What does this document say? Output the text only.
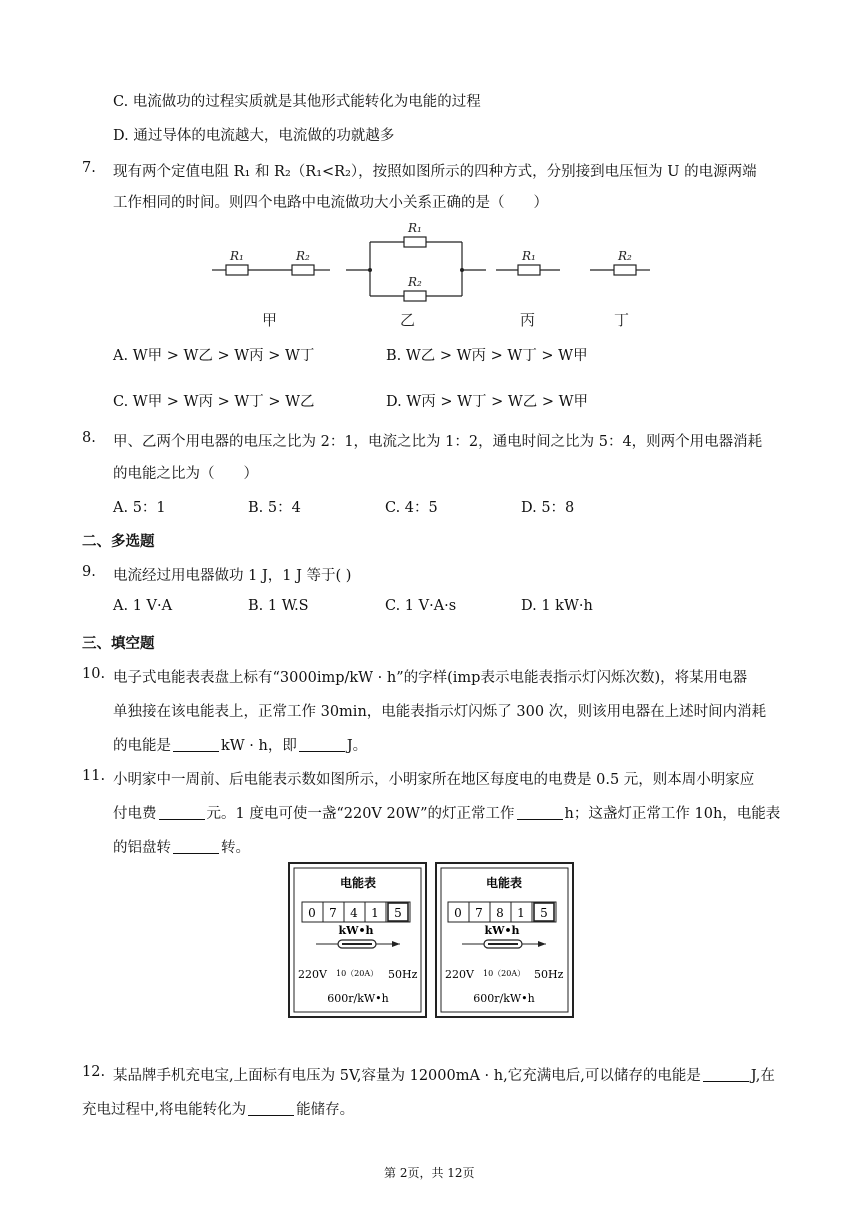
C. 电流做功的过程实质就是其他形式能转化为电能的过程
D. 通过导体的电流越大，电流做的功就越多
7. 现有两个定值电阻 R₁ 和 R₂（R₁<R₂），按照如图所示的四种方式，分别接到电压恒为 U 的电源两端
工作相同的时间。则四个电路中电流做功大小关系正确的是（　　）
R₁	R₂
R₁
R₂
R₁	R₂
甲	乙	丙	丁
A. W甲 > W乙 > W丙 > W丁	B. W乙 > W丙 > W丁 > W甲
C. W甲 > W丙 > W丁 > W乙	D. W丙 > W丁 > W乙 > W甲
8. 甲、乙两个用电器的电压之比为 2：1，电流之比为 1：2，通电时间之比为 5：4，则两个用电器消耗
的电能之比为（　　）
A. 5：1	B. 5：4	C. 4：5	D. 5：8
二、多选题
9. 电流经过用电器做功 1 J，1 J 等于( )
A. 1 V·A	B. 1 W.S	C. 1 V·A·s	D. 1 kW·h
三、填空题
10. 电子式电能表表盘上标有“3000imp/kW · h”的字样(imp表示电能表指示灯闪烁次数)，将某用电器
单独接在该电能表上，正常工作 30min，电能表指示灯闪烁了 300 次，则该用电器在上述时间内消耗
的电能是	kW · h，即	J。
11. 小明家中一周前、后电能表示数如图所示，小明家所在地区每度电的电费是 0.5 元，则本周小明家应
付电费	元。1 度电可使一盏“220V 20W”的灯正常工作	h；这盏灯正常工作 10h，电能表
的铝盘转	转。
电能表
0 7 4 1 5
kW•h
220V 10（20A） 50Hz
600r/kW•h
电能表
0 7 8 1 5
kW•h
220V 10（20A） 50Hz
600r/kW•h
12. 某品牌手机充电宝,上面标有电压为 5V,容量为 12000mA · h,它充满电后,可以储存的电能是	J,在
充电过程中,将电能转化为	能储存。
第 2页，共 12页
